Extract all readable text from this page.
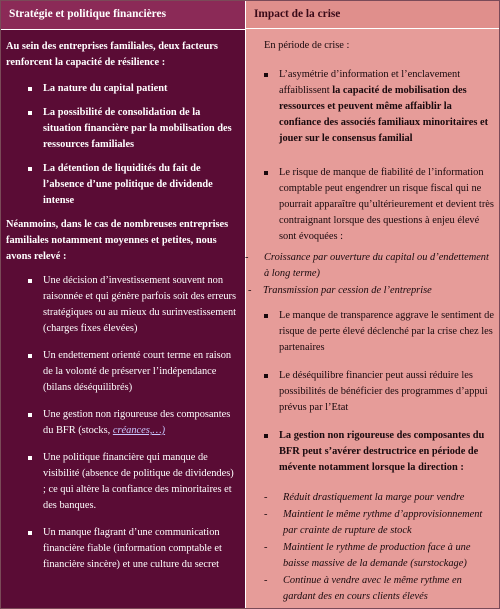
Stratégie et politique financières	Impact de la crise

Au sein des entreprises familiales, deux facteurs renforcent la capacité de résilience :

La nature du capital patient
La possibilité de consolidation de la situation financière par la mobilisation des ressources familiales
La détention de liquidités du fait de l’absence d’une politique de dividende intense

Néanmoins, dans le cas de nombreuses entreprises familiales notamment moyennes et petites, nous avons relevé :

Une décision d’investissement souvent non raisonnée et qui génère parfois soit des erreurs stratégiques ou au mieux du surinvestissement (charges fixes élevées)
Un endettement orienté court terme en raison de la volonté de préserver l’indépendance (bilans déséquilibrés)
Une gestion non rigoureuse des composantes du BFR (stocks, créances,…)
Une politique financière qui manque de visibilité (absence de politique de dividendes) ; ce qui altère la confiance des minoritaires et des banques.
Un manque flagrant d’une communication financière fiable (information comptable et financière sincère) et une culture du secret

En période de crise :

L’asymétrie d’information et l’enclavement affaiblissent la capacité de mobilisation des ressources et peuvent même affaiblir la confiance des associés familiaux minoritaires et jouer sur le consensus familial
Le risque de manque de fiabilité de l’information comptable peut engendrer un risque fiscal qui ne pourrait apparaître qu’ultérieurement et devient très contraignant lorsque des questions à enjeu élevé sont évoquées :
- Croissance par ouverture du capital ou d’endettement à long terme)
- Transmission par cession de l’entreprise
Le manque de transparence aggrave le sentiment de risque de perte élevé déclenché par la crise chez les partenaires
Le déséquilibre financier peut aussi réduire les possibilités de bénéficier des programmes d’appui prévus par l’Etat
La gestion non rigoureuse des composantes du BFR peut s’avérer destructrice en période de mévente notamment lorsque la direction :
- Réduit drastiquement la marge pour vendre
- Maintient le même rythme d’approvisionnement par crainte de rupture de stock
- Maintient le rythme de production face à une baisse massive de la demande (surstockage)
- Continue à vendre avec le même rythme en gardant des en cours clients élevés
